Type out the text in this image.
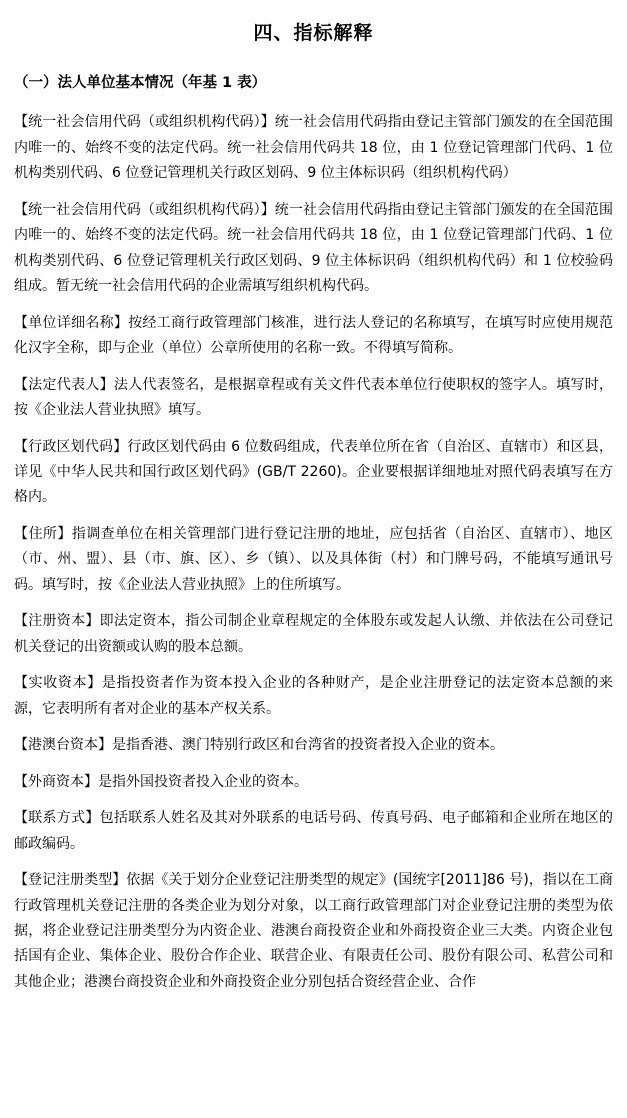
四、指标解释
（一）法人单位基本情况（年基 1 表）

【统一社会信用代码（或组织机构代码）】统一社会信用代码指由登记主管部门颁发的在全国范围内唯一的、始终不变的法定代码。统一社会信用代码共 18 位，由 1 位登记管理部门代码、1 位机构类别代码、6 位登记管理机关行政区划码、9 位主体标识码（组织机构代码）

【统一社会信用代码（或组织机构代码）】统一社会信用代码指由登记主管部门颁发的在全国范围内唯一的、始终不变的法定代码。统一社会信用代码共 18 位，由 1 位登记管理部门代码、1 位机构类别代码、6 位登记管理机关行政区划码、9 位主体标识码（组织机构代码）和 1 位校验码组成。暂无统一社会信用代码的企业需填写组织机构代码。

【单位详细名称】按经工商行政管理部门核准，进行法人登记的名称填写，在填写时应使用规范化汉字全称，即与企业（单位）公章所使用的名称一致。不得填写简称。

【法定代表人】法人代表签名，是根据章程或有关文件代表本单位行使职权的签字人。填写时，按《企业法人营业执照》填写。

【行政区划代码】行政区划代码由 6 位数码组成，代表单位所在省（自治区、直辖市）和区县，详见《中华人民共和国行政区划代码》(GB/T 2260)。企业要根据详细地址对照代码表填写在方格内。

【住所】指调查单位在相关管理部门进行登记注册的地址，应包括省（自治区、直辖市）、地区（市、州、盟）、县（市、旗、区）、乡（镇）、以及具体街（村）和门牌号码，不能填写通讯号码。填写时，按《企业法人营业执照》上的住所填写。

【注册资本】即法定资本，指公司制企业章程规定的全体股东或发起人认缴、并依法在公司登记机关登记的出资额或认购的股本总额。

【实收资本】是指投资者作为资本投入企业的各种财产，是企业注册登记的法定资本总额的来源，它表明所有者对企业的基本产权关系。

【港澳台资本】是指香港、澳门特别行政区和台湾省的投资者投入企业的资本。

【外商资本】是指外国投资者投入企业的资本。

【联系方式】包括联系人姓名及其对外联系的电话号码、传真号码、电子邮箱和企业所在地区的邮政编码。

【登记注册类型】依据《关于划分企业登记注册类型的规定》(国统字[2011]86 号)，指以在工商行政管理机关登记注册的各类企业为划分对象，以工商行政管理部门对企业登记注册的类型为依据，将企业登记注册类型分为内资企业、港澳台商投资企业和外商投资企业三大类。内资企业包括国有企业、集体企业、股份合作企业、联营企业、有限责任公司、股份有限公司、私营公司和其他企业；港澳台商投资企业和外商投资企业分别包括合资经营企业、合作
